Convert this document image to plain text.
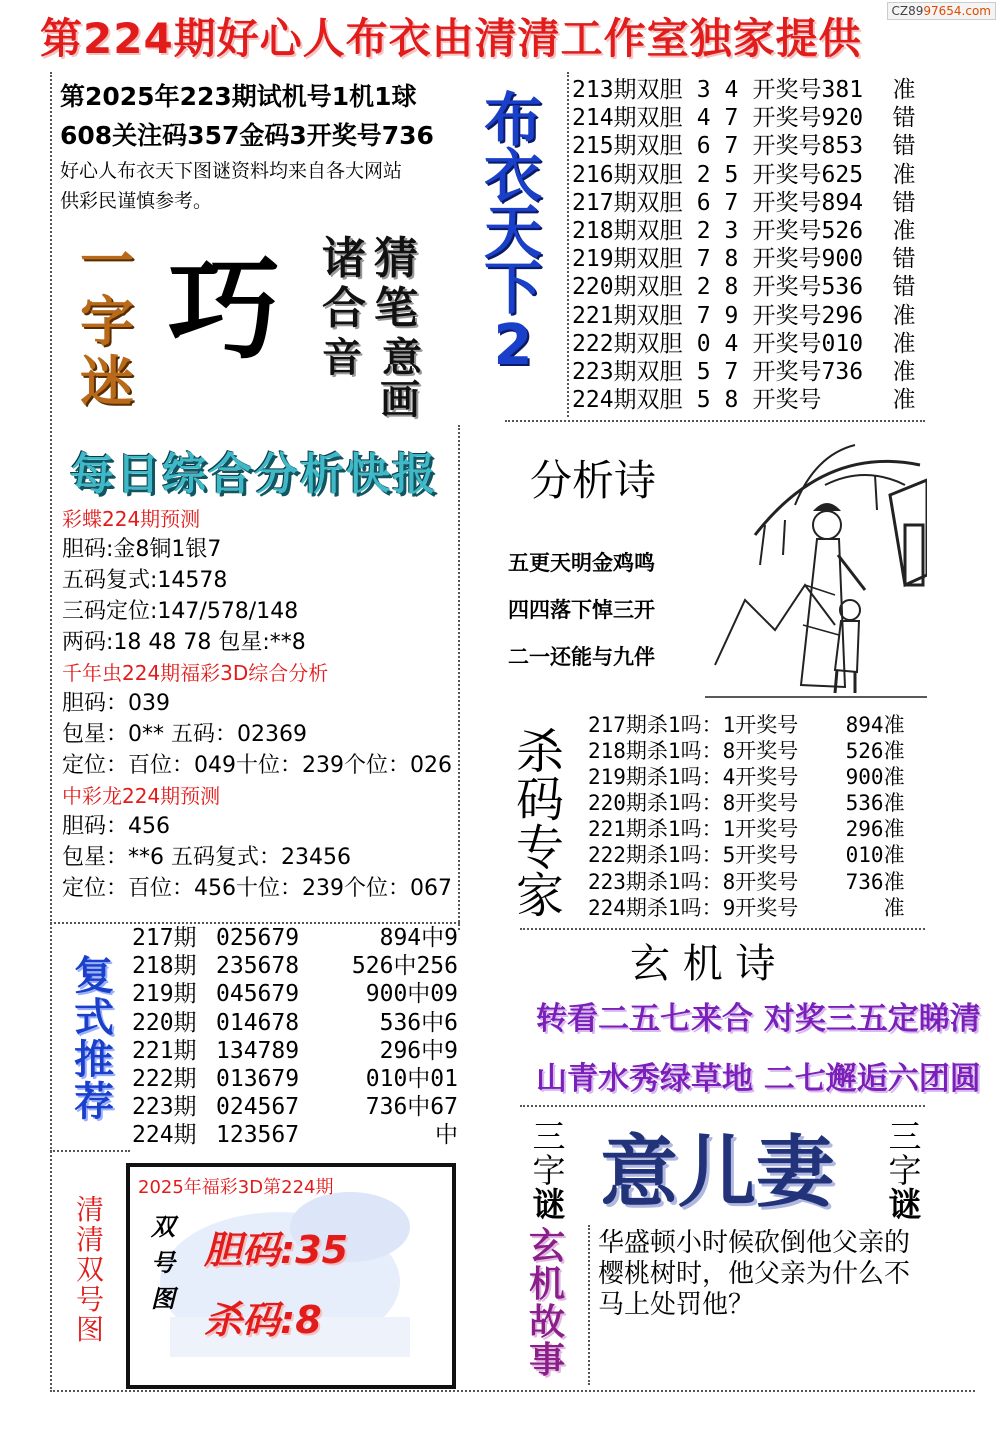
第224期好心人布衣由清清工作室独家提供
CZ8997654.com
第2025年223期试机号1机1球
608关注码357金码3开奖号736
好心人布衣天下图谜资料均来自各大网站
供彩民谨慎参考。
一
字
迷
巧 诸
合
猜
笔
音 意
画
布
衣
天
下
2
213期双胆 3 4 开奖号381 准
214期双胆 4 7 开奖号920 错
215期双胆 6 7 开奖号853 错
216期双胆 2 5 开奖号625 准
217期双胆 6 7 开奖号894 错
218期双胆 2 3 开奖号526 准
219期双胆 7 8 开奖号900 错
220期双胆 2 8 开奖号536 错
221期双胆 7 9 开奖号296 准
222期双胆 0 4 开奖号010 准
223期双胆 5 7 开奖号736 准
224期双胆 5 8 开奖号	准
每日综合分析快报
彩蝶224期预测
胆码:金8铜1银7
五码复式:14578
三码定位:147/578/148
两码:18 48 78 包星:**8
千年虫224期福彩3D综合分析
胆码：039
包星：0** 五码：02369
定位：百位：049十位：239个位：026
中彩龙224期预测
胆码：456
包星：**6 五码复式：23456
定位：百位：456十位：239个位：067
分析诗
五更天明金鸡鸣
四四落下悼三开
二一还能与九伴
杀
码
专
家
217期杀1吗：1开奖号 894准
218期杀1吗：8开奖号 526准
219期杀1吗：4开奖号 900准
220期杀1吗：8开奖号 536准
221期杀1吗：1开奖号 296准
222期杀1吗：5开奖号 010准
223期杀1吗：8开奖号 736准
224期杀1吗：9开奖号	准
复
式
推
荐
217期 025679	894中9
218期 235678 526中256
219期 045679	900中09
220期 014678	536中6
221期 134789	296中9
222期 013679	010中01
223期 024567	736中67
224期 123567	中
玄 机 诗
转看二五七来合 对奖三五定睇清
山青水秀绿草地 二七邂逅六团圆
三
字
谜 意儿妻 三
字
谜
玄
机
故
事
华盛顿小时候砍倒他父亲的樱桃树时，他父亲为什么不马上处罚他？
清
清
双
号
图
2025年福彩3D第224期
双
号
图
胆码:35
杀码:8
